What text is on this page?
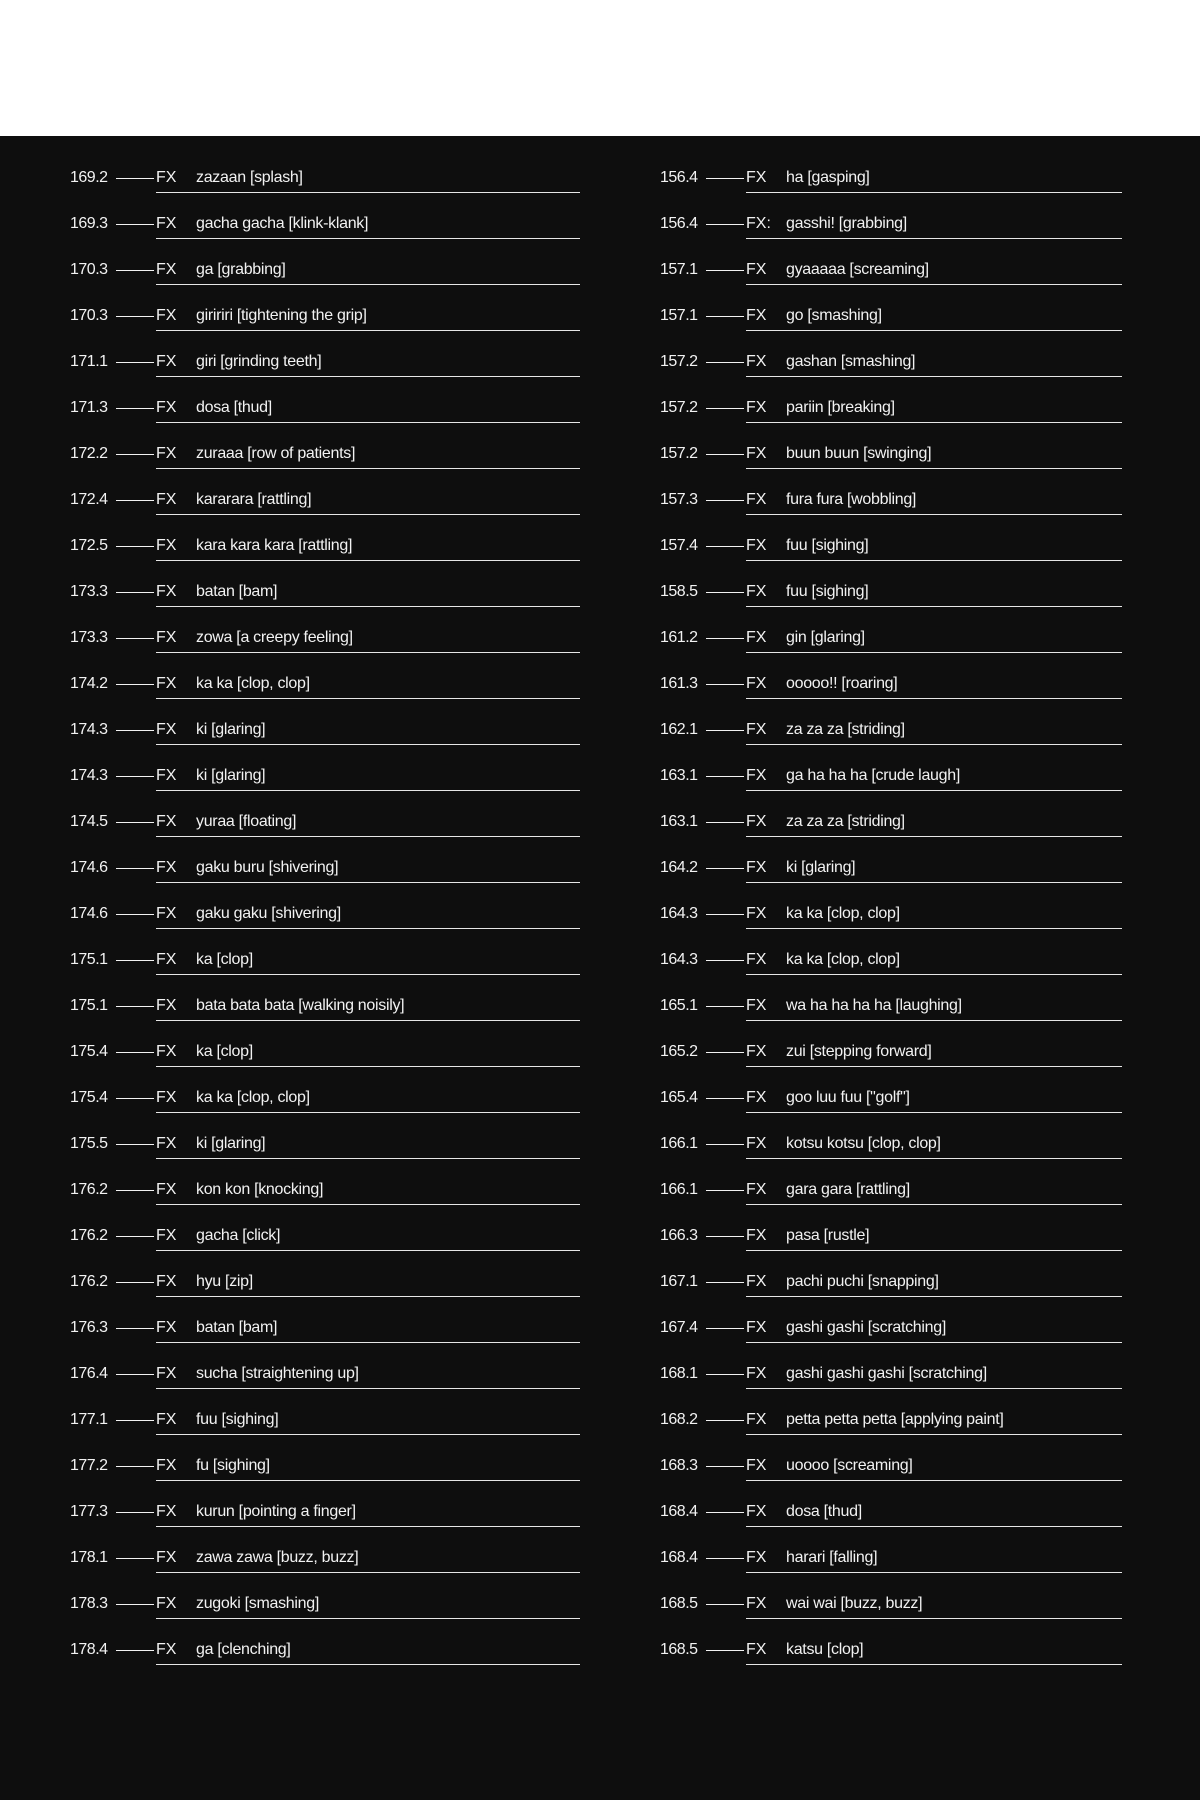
169.2	FX	zazaan [splash]
169.3	FX	gacha gacha [klink-klank]
170.3	FX	ga [grabbing]
170.3	FX	giririri [tightening the grip]
171.1	FX	giri [grinding teeth]
171.3	FX	dosa [thud]
172.2	FX	zuraaa [row of patients]
172.4	FX	kararara [rattling]
172.5	FX	kara kara kara [rattling]
173.3	FX	batan [bam]
173.3	FX	zowa [a creepy feeling]
174.2	FX	ka ka [clop, clop]
174.3	FX	ki [glaring]
174.3	FX	ki [glaring]
174.5	FX	yuraa [floating]
174.6	FX	gaku buru [shivering]
174.6	FX	gaku gaku [shivering]
175.1	FX	ka [clop]
175.1	FX	bata bata bata [walking noisily]
175.4	FX	ka [clop]
175.4	FX	ka ka [clop, clop]
175.5	FX	ki [glaring]
176.2	FX	kon kon [knocking]
176.2	FX	gacha [click]
176.2	FX	hyu [zip]
176.3	FX	batan [bam]
176.4	FX	sucha [straightening up]
177.1	FX	fuu [sighing]
177.2	FX	fu [sighing]
177.3	FX	kurun [pointing a finger]
178.1	FX	zawa zawa [buzz, buzz]
178.3	FX	zugoki [smashing]
178.4	FX	ga [clenching]
156.4	FX	ha [gasping]
156.4	FX: gasshi! [grabbing]
157.1	FX	gyaaaaa [screaming]
157.1	FX	go [smashing]
157.2	FX	gashan [smashing]
157.2	FX	pariin [breaking]
157.2	FX	buun buun [swinging]
157.3	FX	fura fura [wobbling]
157.4	FX	fuu [sighing]
158.5	FX	fuu [sighing]
161.2	FX	gin [glaring]
161.3	FX	ooooo!! [roaring]
162.1	FX	za za za [striding]
163.1	FX	ga ha ha ha [crude laugh]
163.1	FX	za za za [striding]
164.2	FX	ki [glaring]
164.3	FX	ka ka [clop, clop]
164.3	FX	ka ka [clop, clop]
165.1	FX	wa ha ha ha ha [laughing]
165.2	FX	zui [stepping forward]
165.4	FX	goo luu fuu ["golf"]
166.1	FX	kotsu kotsu [clop, clop]
166.1	FX	gara gara [rattling]
166.3	FX	pasa [rustle]
167.1	FX	pachi puchi [snapping]
167.4	FX	gashi gashi [scratching]
168.1	FX	gashi gashi gashi [scratching]
168.2	FX	petta petta petta [applying paint]
168.3	FX	uoooo [screaming]
168.4	FX	dosa [thud]
168.4	FX	harari [falling]
168.5	FX	wai wai [buzz, buzz]
168.5	FX	katsu [clop]
